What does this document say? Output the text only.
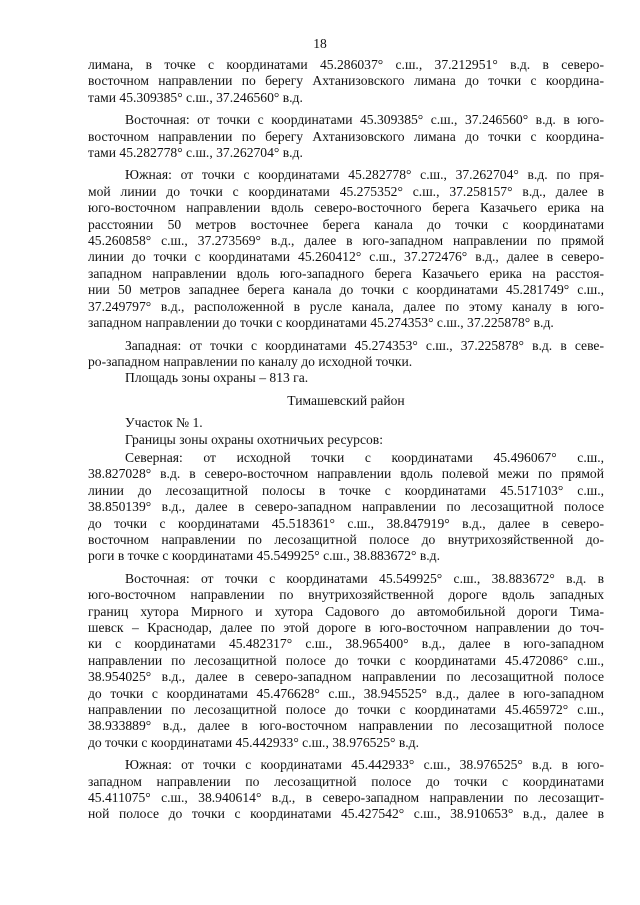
18
лимана, в точке с координатами 45.286037° с.ш., 37.212951° в.д. в северо-
восточном направлении по берегу Ахтанизовского лимана до точки с координа-
тами 45.309385° с.ш., 37.246560° в.д.
Восточная: от точки с координатами 45.309385° с.ш., 37.246560° в.д. в юго-
восточном направлении по берегу Ахтанизовского лимана до точки с координа-
тами 45.282778° с.ш., 37.262704° в.д.
Южная: от точки с координатами 45.282778° с.ш., 37.262704° в.д. по пря-
мой линии до точки с координатами 45.275352° с.ш., 37.258157° в.д., далее в
юго-восточном направлении вдоль северо-восточного берега Казачьего ерика на
расстоянии 50 метров восточнее берега канала до точки с координатами
45.260858° с.ш., 37.273569° в.д., далее в юго-западном направлении по прямой
линии до точки с координатами 45.260412° с.ш., 37.272476° в.д., далее в северо-
западном направлении вдоль юго-западного берега Казачьего ерика на расстоя-
нии 50 метров западнее берега канала до точки с координатами 45.281749° с.ш.,
37.249797° в.д., расположенной в русле канала, далее по этому каналу в юго-
западном направлении до точки с координатами 45.274353° с.ш., 37.225878° в.д.
Западная: от точки с координатами 45.274353° с.ш., 37.225878° в.д. в севе-
ро-западном направлении по каналу до исходной точки.
Площадь зоны охраны – 813 га.
Тимашевский район
Участок № 1.
Границы зоны охраны охотничьих ресурсов:
Северная: от исходной точки с координатами 45.496067° с.ш.,
38.827028° в.д. в северо-восточном направлении вдоль полевой межи по прямой
линии до лесозащитной полосы в точке с координатами 45.517103° с.ш.,
38.850139° в.д., далее в северо-западном направлении по лесозащитной полосе
до точки с координатами 45.518361° с.ш., 38.847919° в.д., далее в северо-
восточном направлении по лесозащитной полосе до внутрихозяйственной до-
роги в точке с координатами 45.549925° с.ш., 38.883672° в.д.
Восточная: от точки с координатами 45.549925° с.ш., 38.883672° в.д. в
юго-восточном направлении по внутрихозяйственной дороге вдоль западных
границ хутора Мирного и хутора Садового до автомобильной дороги Тима-
шевск – Краснодар, далее по этой дороге в юго-восточном направлении до точ-
ки с координатами 45.482317° с.ш., 38.965400° в.д., далее в юго-западном
направлении по лесозащитной полосе до точки с координатами 45.472086° с.ш.,
38.954025° в.д., далее в северо-западном направлении по лесозащитной полосе
до точки с координатами 45.476628° с.ш., 38.945525° в.д., далее в юго-западном
направлении по лесозащитной полосе до точки с координатами 45.465972° с.ш.,
38.933889° в.д., далее в юго-восточном направлении по лесозащитной полосе
до точки с координатами 45.442933° с.ш., 38.976525° в.д.
Южная: от точки с координатами 45.442933° с.ш., 38.976525° в.д. в юго-
западном направлении по лесозащитной полосе до точки с координатами
45.411075° с.ш., 38.940614° в.д., в северо-западном направлении по лесозащит-
ной полосе до точки с координатами 45.427542° с.ш., 38.910653° в.д., далее в
